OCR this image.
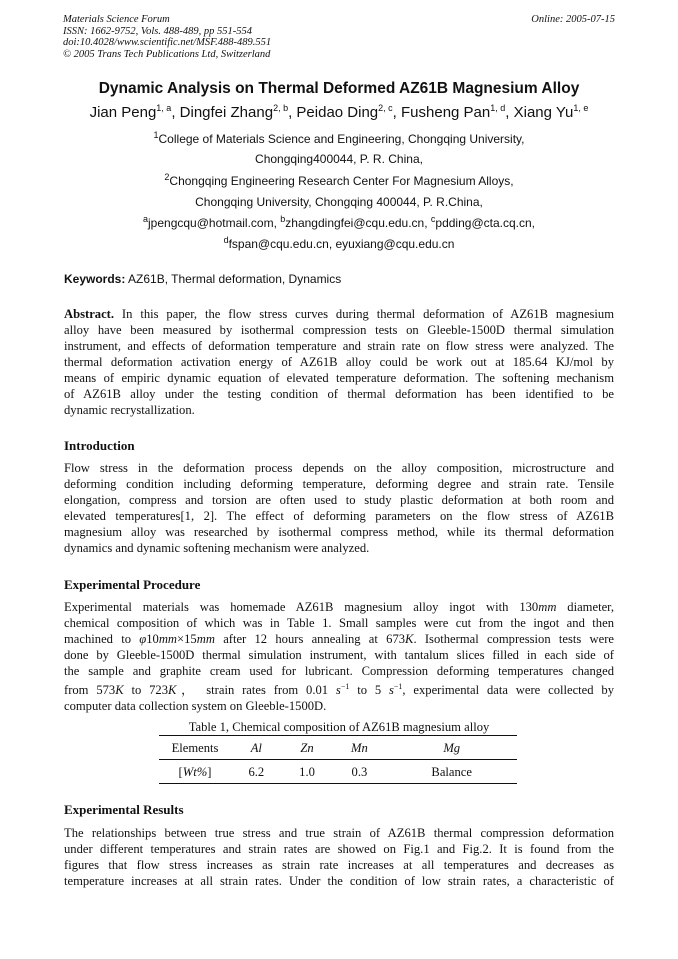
Materials Science Forum
ISSN: 1662-9752, Vols. 488-489, pp 551-554
doi:10.4028/www.scientific.net/MSF.488-489.551
© 2005 Trans Tech Publications Ltd, Switzerland
Online: 2005-07-15
Dynamic Analysis on Thermal Deformed AZ61B Magnesium Alloy
Jian Peng$^{1, a}$, Dingfei Zhang$^{2, b}$, Peidao Ding$^{2, c}$, Fusheng Pan$^{1, d}$, Xiang Yu$^{1, e}$
$^1$College of Materials Science and Engineering, Chongqing University,
Chongqing400044, P. R. China,
$^2$Chongqing Engineering Research Center For Magnesium Alloys,
Chongqing University, Chongqing 400044, P. R.China,
$^a$jpengcqu@hotmail.com, $^b$zhangdingfei@cqu.edu.cn, $^c$pdding@cta.cq.cn,
$^d$fspan@cqu.edu.cn, eyuxiang@cqu.edu.cn
Keywords: AZ61B, Thermal deformation, Dynamics
Abstract. In this paper, the flow stress curves during thermal deformation of AZ61B magnesium
alloy have been measured by isothermal compression tests on Gleeble-1500D thermal simulation
instrument, and effects of deformation temperature and strain rate on flow stress were analyzed. The
thermal deformation activation energy of AZ61B alloy could be work out at 185.64 KJ/mol by
means of empiric dynamic equation of elevated temperature deformation. The softening mechanism
of AZ61B alloy under the testing condition of thermal deformation has been identified to be
dynamic recrystallization.
Introduction
Flow stress in the deformation process depends on the alloy composition, microstructure and
deforming condition including deforming temperature, deforming degree and strain rate. Tensile
elongation, compress and torsion are often used to study plastic deformation at both room and
elevated temperatures[1, 2]. The effect of deforming parameters on the flow stress of AZ61B
magnesium alloy was researched by isothermal compress method, while its thermal deformation
dynamics and dynamic softening mechanism were analyzed.
Experimental Procedure
Experimental materials was homemade AZ61B magnesium alloy ingot with 130mm diameter,
chemical composition of which was in Table 1. Small samples were cut from the ingot and then
machined to φ10mm×15mm after 12 hours annealing at 673K. Isothermal compression tests were
done by Gleeble-1500D thermal simulation instrument, with tantalum slices filled in each side of
the sample and graphite cream used for lubricant. Compression deforming temperatures changed
from 573K to 723K， strain rates from 0.01 $s^{-1}$ to 5 $s^{-1}$, experimental data were collected by
computer data collection system on Gleeble-1500D.
Table 1, Chemical composition of AZ61B magnesium alloy
Elements	Al	Zn	Mn	Mg
[Wt%]	6.2	1.0	0.3	Balance
Experimental Results
The relationships between true stress and true strain of AZ61B thermal compression deformation
under different temperatures and strain rates are showed on Fig.1 and Fig.2. It is found from the
figures that flow stress increases as strain rate increases at all temperatures and decreases as
temperature increases at all strain rates. Under the condition of low strain rates, a characteristic of
